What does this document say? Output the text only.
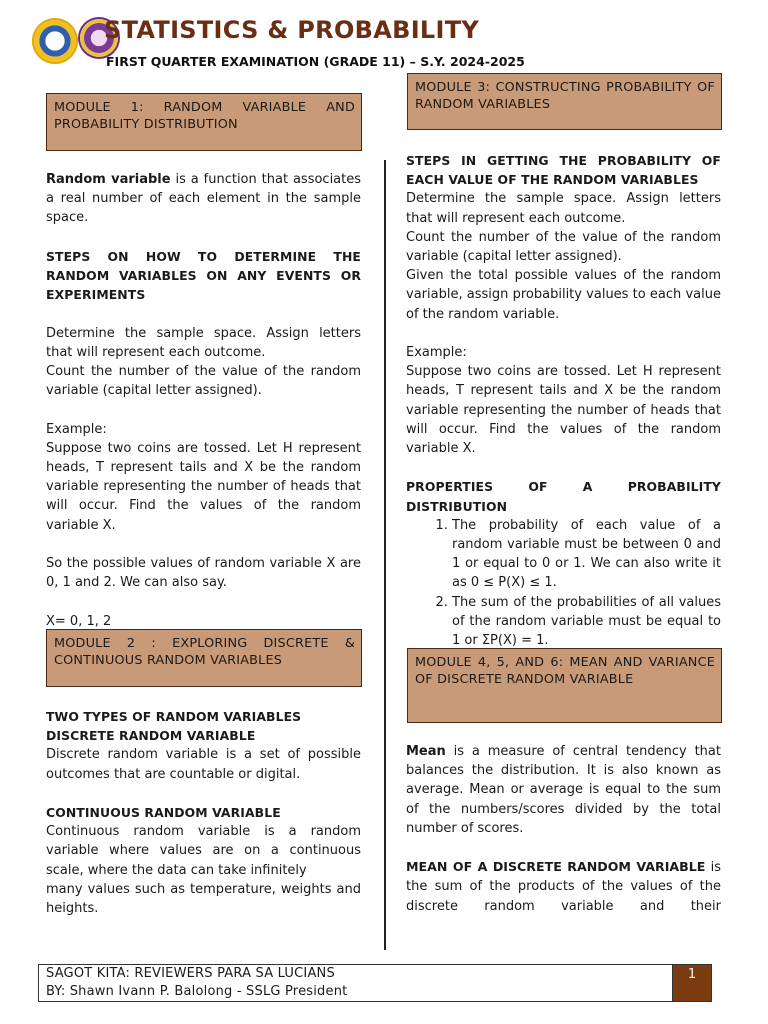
STATISTICS & PROBABILITY
FIRST QUARTER EXAMINATION (GRADE 11) – S.Y. 2024-2025
MODULE 1: RANDOM VARIABLE AND PROBABILITY DISTRIBUTION

Random variable is a function that associates a real number of each element in the sample space.

STEPS ON HOW TO DETERMINE THE RANDOM VARIABLES ON ANY EVENTS OR EXPERIMENTS

Determine the sample space. Assign letters that will represent each outcome.

Count the number of the value of the random variable (capital letter assigned).

Example:

Suppose two coins are tossed. Let H represent heads, T represent tails and X be the random variable representing the number of heads that will occur. Find the values of the random variable X.

So the possible values of random variable X are 0, 1 and 2. We can also say.

X= 0, 1, 2

MODULE 2 : EXPLORING DISCRETE & CONTINUOUS RANDOM VARIABLES

TWO TYPES OF RANDOM VARIABLES

DISCRETE RANDOM VARIABLE

Discrete random variable is a set of possible outcomes that are countable or digital.

CONTINUOUS RANDOM VARIABLE

Continuous random variable is a random variable where values are on a continuous scale, where the data can take infinitely

many values such as temperature, weights and heights.

MODULE 3: CONSTRUCTING PROBABILITY OF RANDOM VARIABLES

STEPS IN GETTING THE PROBABILITY OF EACH VALUE OF THE RANDOM VARIABLES

Determine the sample space. Assign letters that will represent each outcome.

Count the number of the value of the random variable (capital letter assigned).

Given the total possible values of the random variable, assign probability values to each value of the random variable.

Example:

Suppose two coins are tossed. Let H represent heads, T represent tails and X be the random variable representing the number of heads that will occur. Find the values of the random variable X.

PROPERTIES OF A PROBABILITY DISTRIBUTION

1. The probability of each value of a random variable must be between 0 and 1 or equal to 0 or 1. We can also write it as 0 ≤ P(X) ≤ 1.
2. The sum of the probabilities of all values of the random variable must be equal to 1 or ΣP(X) = 1.
MODULE 4, 5, AND 6: MEAN AND VARIANCE OF DISCRETE RANDOM VARIABLE

Mean is a measure of central tendency that balances the distribution. It is also known as average. Mean or average is equal to the sum of the numbers/scores divided by the total number of scores.

MEAN OF A DISCRETE RANDOM VARIABLE is the sum of the products of the values of the discrete random variable and their

SAGOT KITA: REVIEWERS PARA SA LUCIANS
BY: Shawn Ivann P. Balolong - SSLG President
1
